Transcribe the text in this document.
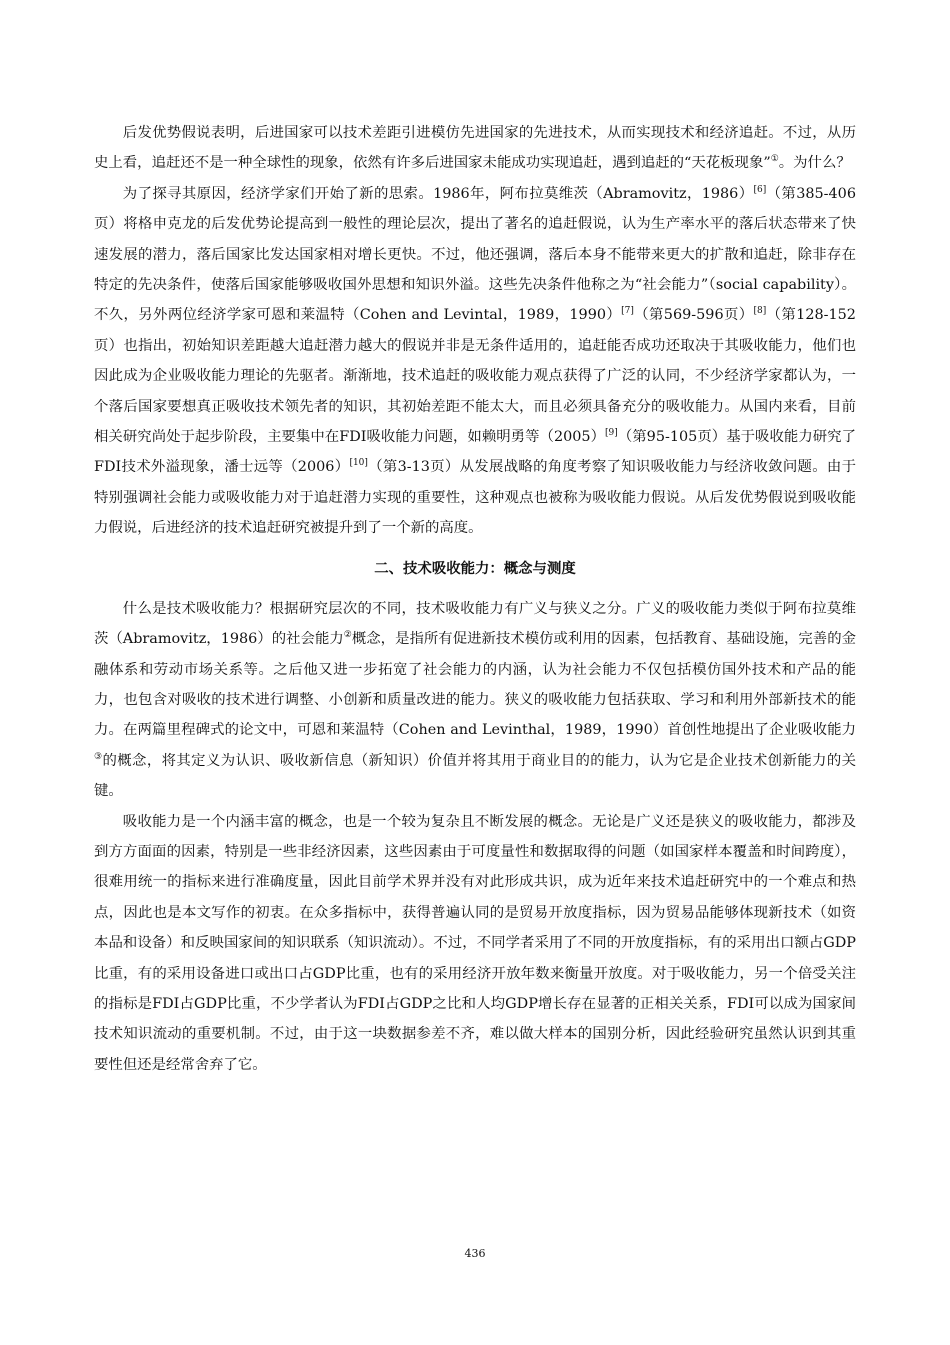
后发优势假说表明，后进国家可以技术差距引进模仿先进国家的先进技术，从而实现技术和经济追赶。不过，从历史上看，追赶还不是一种全球性的现象，依然有许多后进国家未能成功实现追赶，遇到追赶的“天花板现象”①。为什么？

为了探寻其原因，经济学家们开始了新的思索。1986年，阿布拉莫维茨（Abramovitz，1986）[6]（第385-406页）将格申克龙的后发优势论提高到一般性的理论层次，提出了著名的追赶假说，认为生产率水平的落后状态带来了快速发展的潜力，落后国家比发达国家相对增长更快。不过，他还强调，落后本身不能带来更大的扩散和追赶，除非存在特定的先决条件，使落后国家能够吸收国外思想和知识外溢。这些先决条件他称之为“社会能力”（social capability）。不久，另外两位经济学家可恩和莱温特（Cohen and Levintal，1989，1990）[7]（第569-596页）[8]（第128-152页）也指出，初始知识差距越大追赶潜力越大的假说并非是无条件适用的，追赶能否成功还取决于其吸收能力，他们也因此成为企业吸收能力理论的先驱者。渐渐地，技术追赶的吸收能力观点获得了广泛的认同，不少经济学家都认为，一个落后国家要想真正吸收技术领先者的知识，其初始差距不能太大，而且必须具备充分的吸收能力。从国内来看，目前相关研究尚处于起步阶段，主要集中在FDI吸收能力问题，如赖明勇等（2005）[9]（第95-105页）基于吸收能力研究了FDI技术外溢现象，潘士远等（2006）[10]（第3-13页）从发展战略的角度考察了知识吸收能力与经济收敛问题。由于特别强调社会能力或吸收能力对于追赶潜力实现的重要性，这种观点也被称为吸收能力假说。从后发优势假说到吸收能力假说，后进经济的技术追赶研究被提升到了一个新的高度。

二、技术吸收能力：概念与测度

什么是技术吸收能力？根据研究层次的不同，技术吸收能力有广义与狭义之分。广义的吸收能力类似于阿布拉莫维茨（Abramovitz，1986）的社会能力②概念，是指所有促进新技术模仿或利用的因素，包括教育、基础设施，完善的金融体系和劳动市场关系等。之后他又进一步拓宽了社会能力的内涵，认为社会能力不仅包括模仿国外技术和产品的能力，也包含对吸收的技术进行调整、小创新和质量改进的能力。狭义的吸收能力包括获取、学习和利用外部新技术的能力。在两篇里程碑式的论文中，可恩和莱温特（Cohen and Levinthal，1989，1990）首创性地提出了企业吸收能力③的概念，将其定义为认识、吸收新信息（新知识）价值并将其用于商业目的的能力，认为它是企业技术创新能力的关键。

吸收能力是一个内涵丰富的概念，也是一个较为复杂且不断发展的概念。无论是广义还是狭义的吸收能力，都涉及到方方面面的因素，特别是一些非经济因素，这些因素由于可度量性和数据取得的问题（如国家样本覆盖和时间跨度），很难用统一的指标来进行准确度量，因此目前学术界并没有对此形成共识，成为近年来技术追赶研究中的一个难点和热点，因此也是本文写作的初衷。在众多指标中，获得普遍认同的是贸易开放度指标，因为贸易品能够体现新技术（如资本品和设备）和反映国家间的知识联系（知识流动）。不过，不同学者采用了不同的开放度指标，有的采用出口额占GDP比重，有的采用设备进口或出口占GDP比重，也有的采用经济开放年数来衡量开放度。对于吸收能力，另一个倍受关注的指标是FDI占GDP比重，不少学者认为FDI占GDP之比和人均GDP增长存在显著的正相关关系，FDI可以成为国家间技术知识流动的重要机制。不过，由于这一块数据参差不齐，难以做大样本的国别分析，因此经验研究虽然认识到其重要性但还是经常舍弃了它。

436
